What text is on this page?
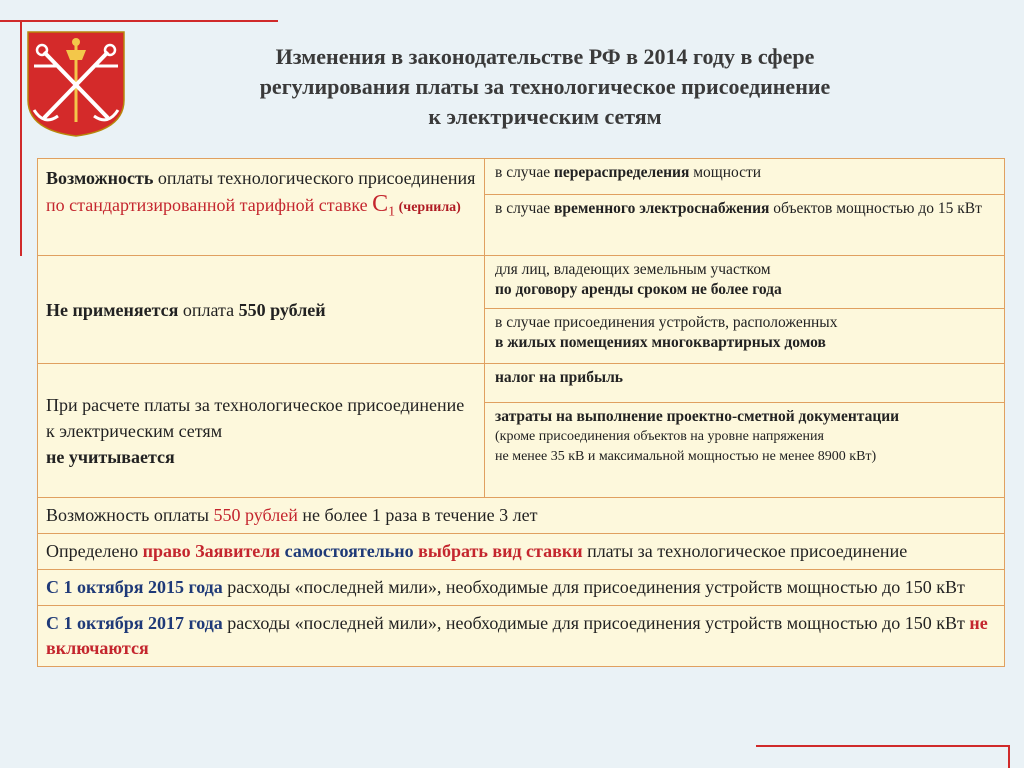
Изменения в законодательстве РФ в 2014 году в сфере
регулирования платы за технологическое присоединение
к электрическим сетям
Возможность оплаты технологического присоединения по стандартизированной тарифной ставке $C_1$ (чернила)	в случае перераспределения мощности
	в случае временного электроснабжения объектов мощностью до 15 кВт
Не применяется оплата 550 рублей	для лиц, владеющих земельным участком
по договору аренды сроком не более года

	в случае присоединения устройств, расположенных
в жилых помещениях многоквартирных домов

При расчете платы за технологическое присоединение к электрическим сетям
не учитывается	налог на прибыль

	затраты на выполнение проектно-сметной документации
(кроме присоединения объектов на уровне напряжения
не менее 35 кВ и максимальной мощностью не менее 8900 кВт)

Возможность оплаты 550 рублей не более 1 раза в течение 3 лет	
Определено право Заявителя самостоятельно выбрать вид ставки платы за технологическое присоединение	
С 1 октября 2015 года расходы «последней мили», необходимые для присоединения устройств мощностью до 150 кВт	
С 1 октября 2017 года расходы «последней мили», необходимые для присоединения устройств мощностью до 150 кВт не включаются	
